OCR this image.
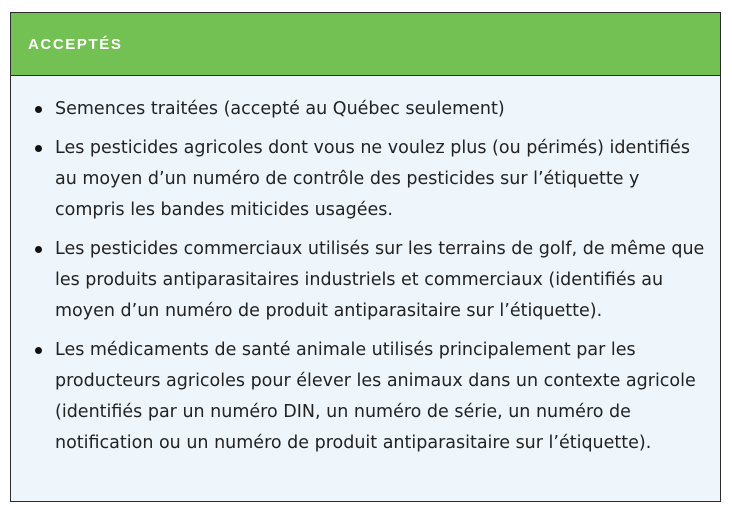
ACCEPTÉS
Semences traitées (accepté au Québec seulement)
Les pesticides agricoles dont vous ne voulez plus (ou périmés) identifiés au moyen d’un numéro de contrôle des pesticides sur l’étiquette y compris les bandes miticides usagées.
Les pesticides commerciaux utilisés sur les terrains de golf, de même que les produits antiparasitaires industriels et commerciaux (identifiés au moyen d’un numéro de produit antiparasitaire sur l’étiquette).
Les médicaments de santé animale utilisés principalement par les producteurs agricoles pour élever les animaux dans un contexte agricole (identifiés par un numéro DIN, un numéro de série, un numéro de notification ou un numéro de produit antiparasitaire sur l’étiquette).
